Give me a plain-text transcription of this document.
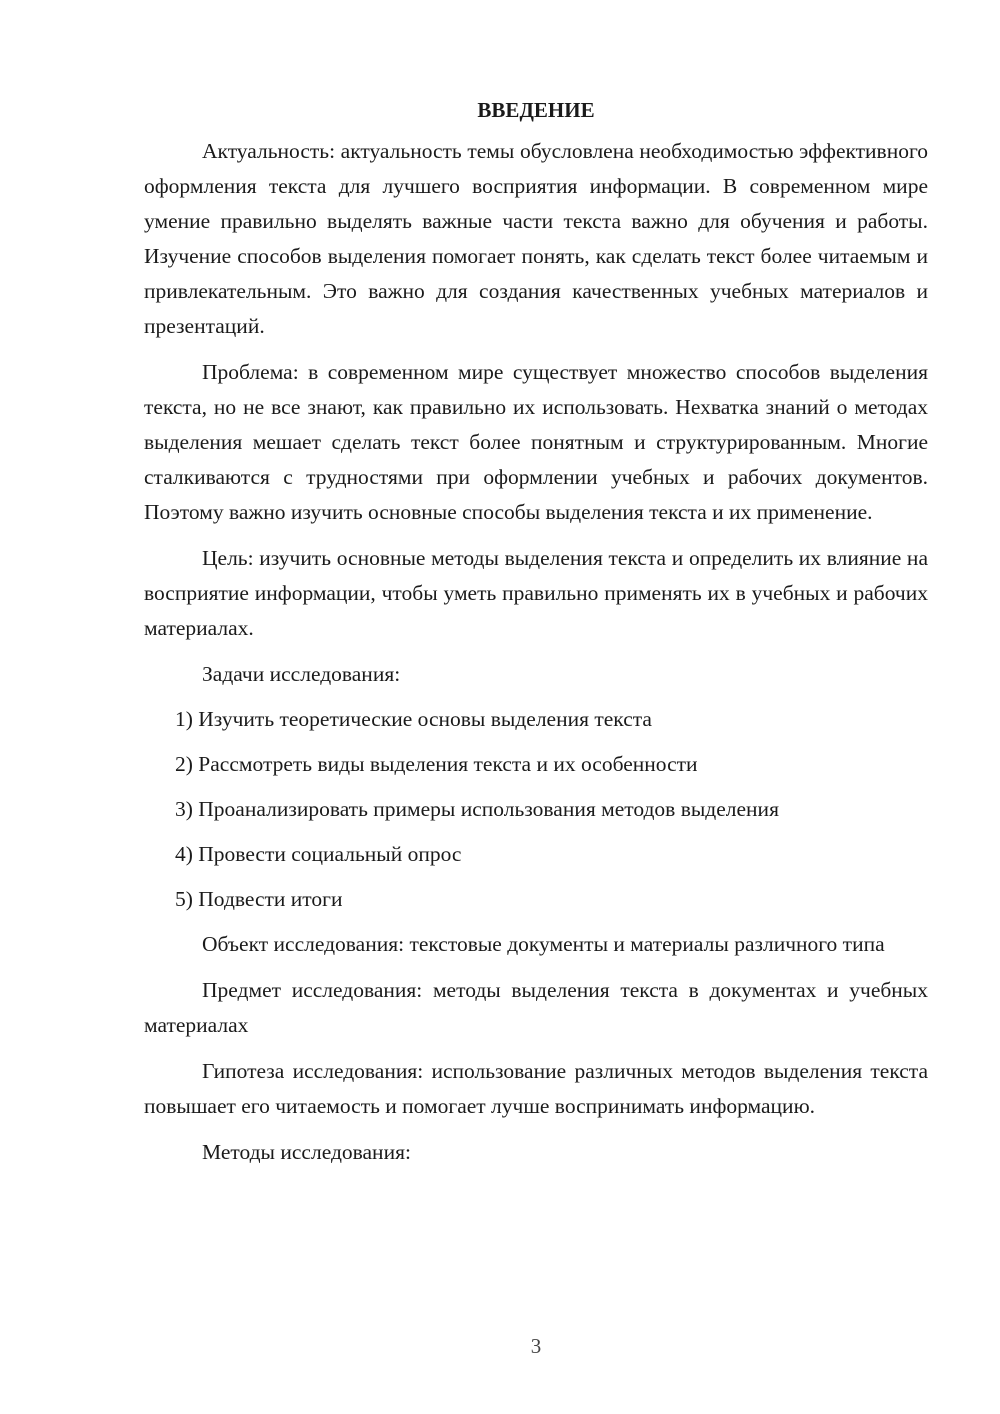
ВВЕДЕНИЕ

Актуальность: актуальность темы обусловлена необходимостью эффективного оформления текста для лучшего восприятия информации. В современном мире умение правильно выделять важные части текста важно для обучения и работы. Изучение способов выделения помогает понять, как сделать текст более читаемым и привлекательным. Это важно для создания качественных учебных материалов и презентаций.

Проблема: в современном мире существует множество способов выделения текста, но не все знают, как правильно их использовать. Нехватка знаний о методах выделения мешает сделать текст более понятным и структурированным. Многие сталкиваются с трудностями при оформлении учебных и рабочих документов. Поэтому важно изучить основные способы выделения текста и их применение.

Цель: изучить основные методы выделения текста и определить их влияние на восприятие информации, чтобы уметь правильно применять их в учебных и рабочих материалах.

Задачи исследования:

1) Изучить теоретические основы выделения текста
2) Рассмотреть виды выделения текста и их особенности
3) Проанализировать примеры использования методов выделения
4) Провести социальный опрос
5) Подвести итоги

Объект исследования: текстовые документы и материалы различного типа

Предмет исследования: методы выделения текста в документах и учебных материалах

Гипотеза исследования: использование различных методов выделения текста повышает его читаемость и помогает лучше воспринимать информацию.

Методы исследования:

3
